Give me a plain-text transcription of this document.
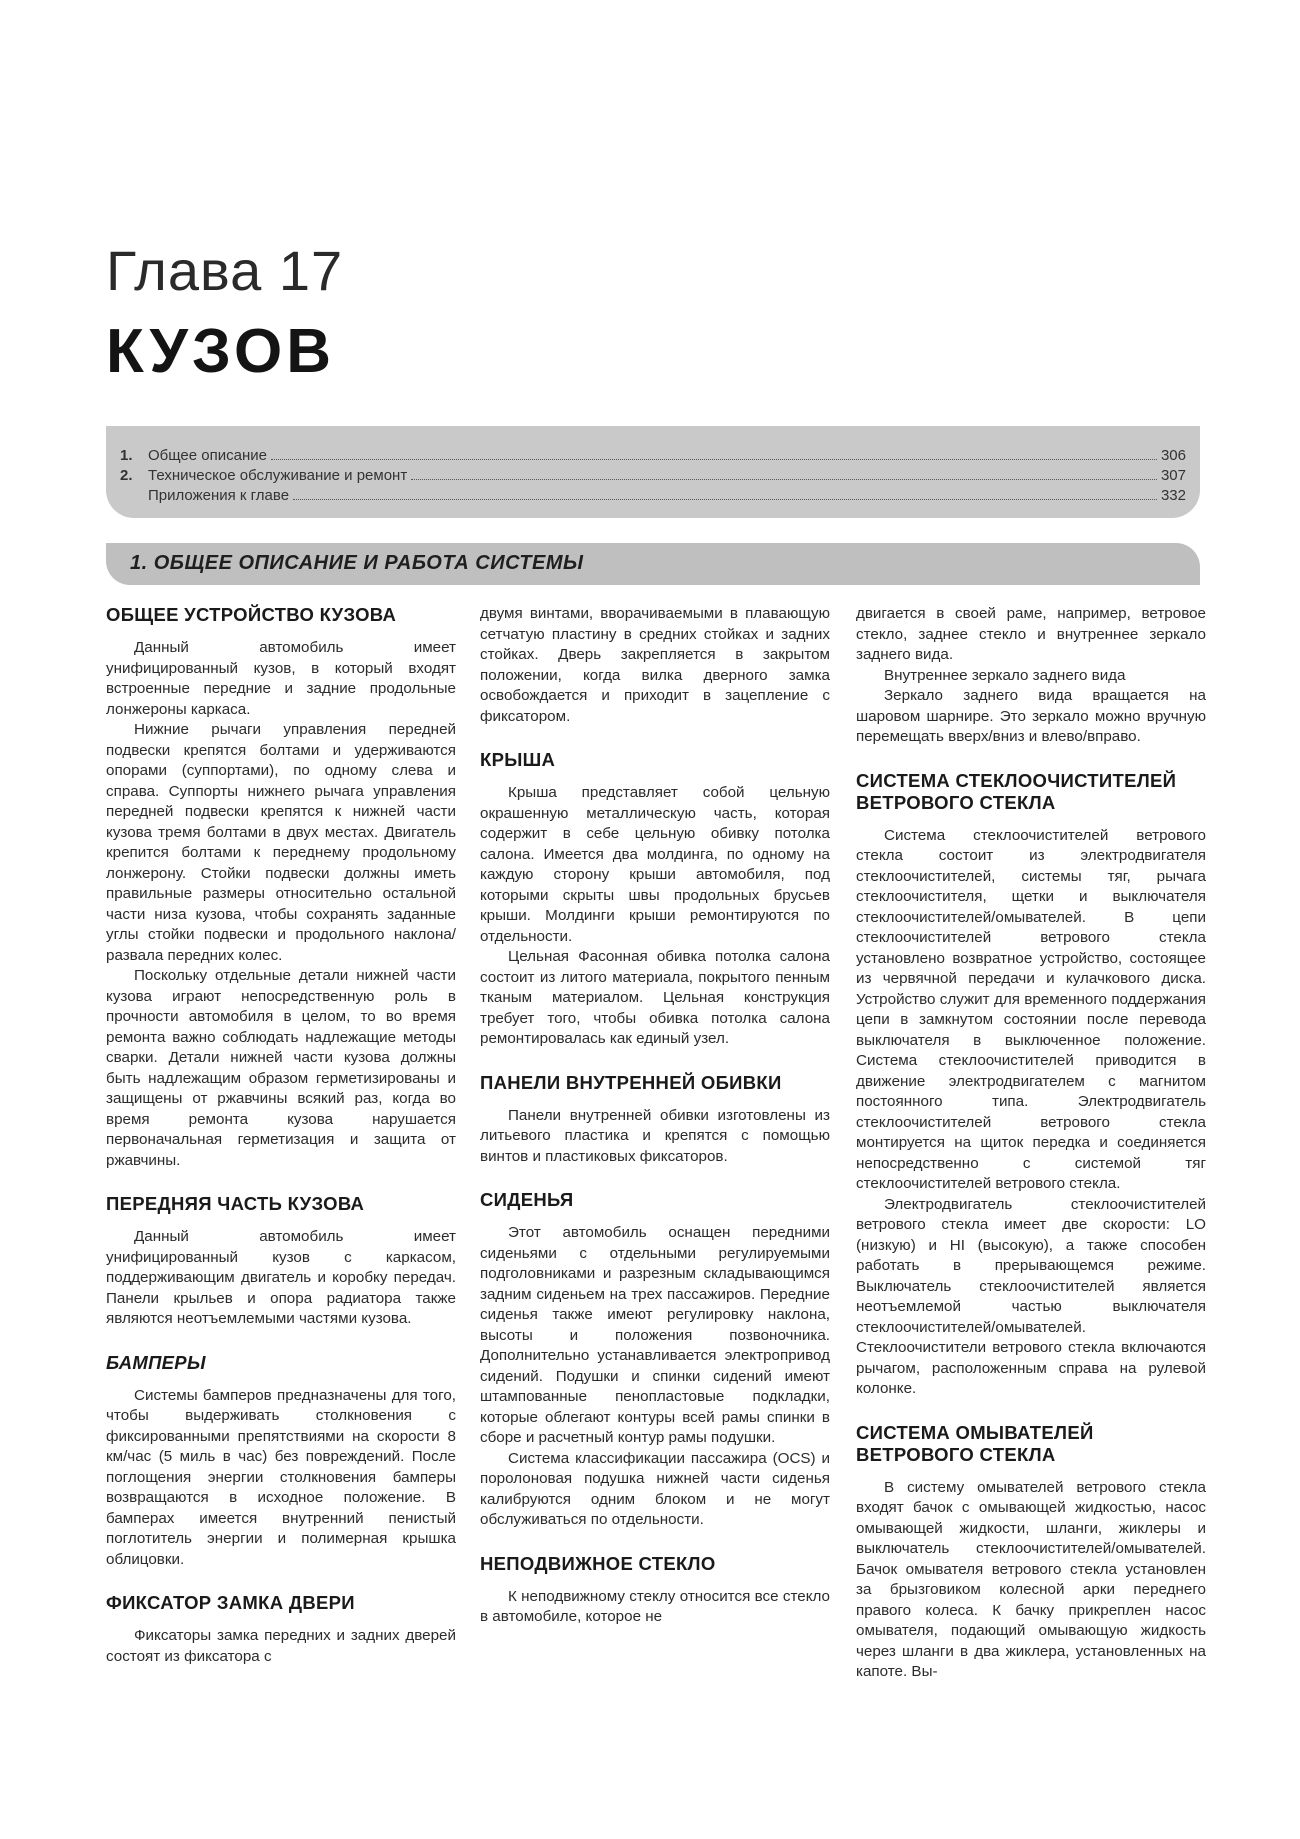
Глава 17
КУЗОВ
1.	Общее описание	306
2.	Техническое обслуживание и ремонт	307
Приложения к главе	332
1. ОБЩЕЕ ОПИСАНИЕ И РАБОТА СИСТЕМЫ
ОБЩЕЕ УСТРОЙСТВО КУЗОВА

Данный автомобиль имеет унифицированный кузов, в который входят встроенные передние и задние продольные лонжероны каркаса.

Нижние рычаги управления передней подвески крепятся болтами и удерживаются опорами (суппортами), по одному слева и справа. Суппорты нижнего рычага управления передней подвески крепятся к нижней части кузова тремя болтами в двух местах. Двигатель крепится болтами к переднему продольному лонжерону. Стойки подвески должны иметь правильные размеры относительно остальной части низа кузова, чтобы сохранять заданные углы стойки подвески и продольного наклона/развала передних колес.

Поскольку отдельные детали нижней части кузова играют непосредственную роль в прочности автомобиля в целом, то во время ремонта важно соблюдать надлежащие методы сварки. Детали нижней части кузова должны быть надлежащим образом герметизированы и защищены от ржавчины всякий раз, когда во время ремонта кузова нарушается первоначальная герметизация и защита от ржавчины.

ПЕРЕДНЯЯ ЧАСТЬ КУЗОВА

Данный автомобиль имеет унифицированный кузов с каркасом, поддерживающим двигатель и коробку передач. Панели крыльев и опора радиатора также являются неотъемлемыми частями кузова.

БАМПЕРЫ

Системы бамперов предназначены для того, чтобы выдерживать столкновения с фиксированными препятствиями на скорости 8 км/час (5 миль в час) без повреждений. После поглощения энергии столкновения бамперы возвращаются в исходное положение. В бамперах имеется внутренний пенистый поглотитель энергии и полимерная крышка облицовки.

ФИКСАТОР ЗАМКА ДВЕРИ

Фиксаторы замка передних и задних дверей состоят из фиксатора с

двумя винтами, вворачиваемыми в плавающую сетчатую пластину в средних стойках и задних стойках. Дверь закрепляется в закрытом положении, когда вилка дверного замка освобождается и приходит в зацепление с фиксатором.

КРЫША

Крыша представляет собой цельную окрашенную металлическую часть, которая содержит в себе цельную обивку потолка салона. Имеется два молдинга, по одному на каждую сторону крыши автомобиля, под которыми скрыты швы продольных брусьев крыши. Молдинги крыши ремонтируются по отдельности.

Цельная Фасонная обивка потолка салона состоит из литого материала, покрытого пенным тканым материалом. Цельная конструкция требует того, чтобы обивка потолка салона ремонтировалась как единый узел.

ПАНЕЛИ ВНУТРЕННЕЙ ОБИВКИ

Панели внутренней обивки изготовлены из литьевого пластика и крепятся с помощью винтов и пластиковых фиксаторов.

СИДЕНЬЯ

Этот автомобиль оснащен передними сиденьями с отдельными регулируемыми подголовниками и разрезным складывающимся задним сиденьем на трех пассажиров. Передние сиденья также имеют регулировку наклона, высоты и положения позвоночника. Дополнительно устанавливается электропривод сидений. Подушки и спинки сидений имеют штампованные пенопластовые подкладки, которые облегают контуры всей рамы спинки в сборе и расчетный контур рамы подушки.

Система классификации пассажира (OCS) и поролоновая подушка нижней части сиденья калибруются одним блоком и не могут обслуживаться по отдельности.

НЕПОДВИЖНОЕ СТЕКЛО

К неподвижному стеклу относится все стекло в автомобиле, которое не

двигается в своей раме, например, ветровое стекло, заднее стекло и внутреннее зеркало заднего вида.

Внутреннее зеркало заднего вида

Зеркало заднего вида вращается на шаровом шарнире. Это зеркало можно вручную перемещать вверх/вниз и влево/вправо.

СИСТЕМА СТЕКЛООЧИСТИТЕЛЕЙ ВЕТРОВОГО СТЕКЛА

Система стеклоочистителей ветрового стекла состоит из электродвигателя стеклоочистителей, системы тяг, рычага стеклоочистителя, щетки и выключателя стеклоочистителей/омывателей. В цепи стеклоочистителей ветрового стекла установлено возвратное устройство, состоящее из червячной передачи и кулачкового диска. Устройство служит для временного поддержания цепи в замкнутом состоянии после перевода выключателя в выключенное положение. Система стеклоочистителей приводится в движение электродвигателем с магнитом постоянного типа. Электродвигатель стеклоочистителей ветрового стекла монтируется на щиток передка и соединяется непосредственно с системой тяг стеклоочистителей ветрового стекла.

Электродвигатель стеклоочистителей ветрового стекла имеет две скорости: LO (низкую) и HI (высокую), а также способен работать в прерывающемся режиме. Выключатель стеклоочистителей является неотъемлемой частью выключателя стеклоочистителей/омывателей. Стеклоочистители ветрового стекла включаются рычагом, расположенным справа на рулевой колонке.

СИСТЕМА ОМЫВАТЕЛЕЙ ВЕТРОВОГО СТЕКЛА

В систему омывателей ветрового стекла входят бачок с омывающей жидкостью, насос омывающей жидкости, шланги, жиклеры и выключатель стеклоочистителей/омывателей. Бачок омывателя ветрового стекла установлен за брызговиком колесной арки переднего правого колеса. К бачку прикреплен насос омывателя, подающий омывающую жидкость через шланги в два жиклера, установленных на капоте. Вы-
